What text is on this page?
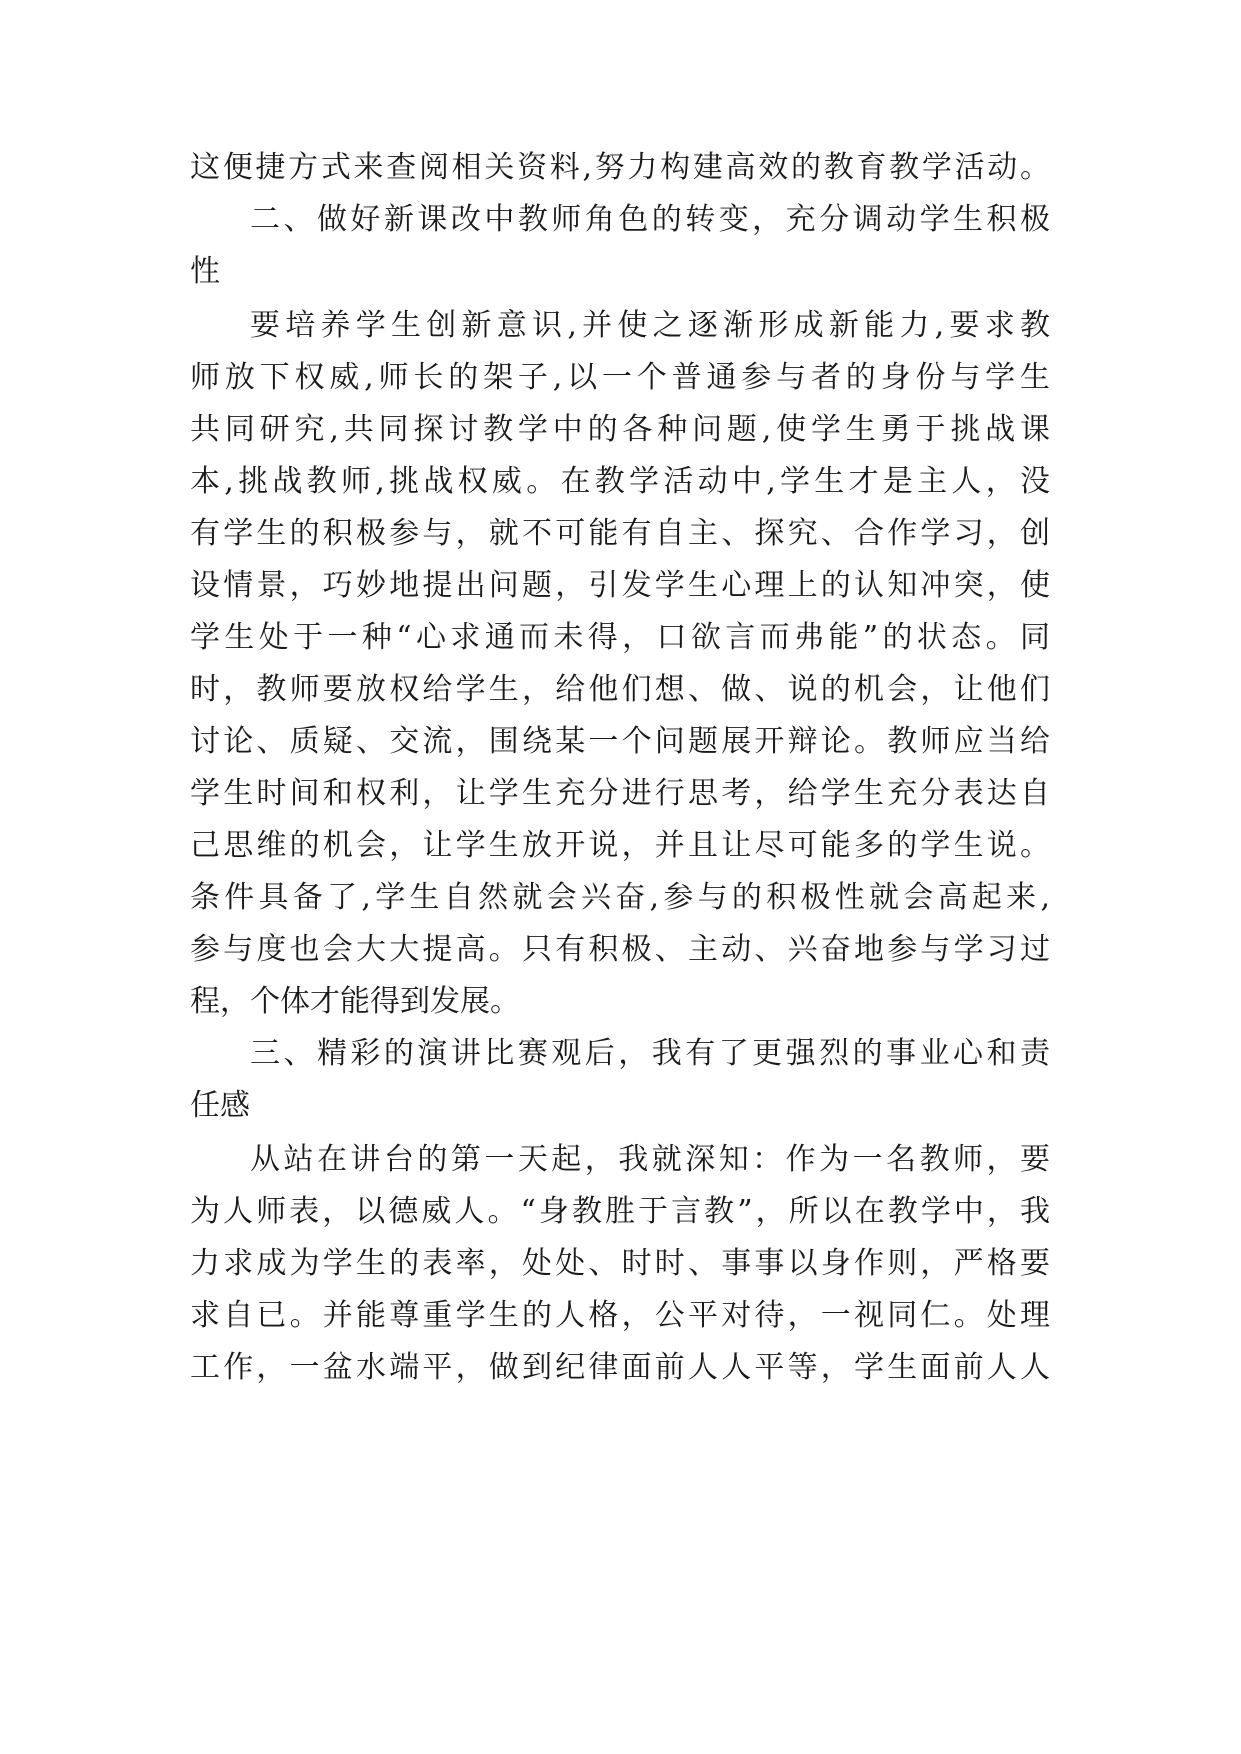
这便捷方式来查阅相关资料,努力构建高效的教育教学活动。
二、做好新课改中教师角色的转变，充分调动学生积极
性
要培养学生创新意识,并使之逐渐形成新能力,要求教
师放下权威,师长的架子,以一个普通参与者的身份与学生
共同研究,共同探讨教学中的各种问题,使学生勇于挑战课
本,挑战教师,挑战权威。在教学活动中,学生才是主人，没
有学生的积极参与，就不可能有自主、探究、合作学习，创
设情景，巧妙地提出问题，引发学生心理上的认知冲突，使
学生处于一种“心求通而未得，口欲言而弗能”的状态。同
时，教师要放权给学生，给他们想、做、说的机会，让他们
讨论、质疑、交流，围绕某一个问题展开辩论。教师应当给
学生时间和权利，让学生充分进行思考，给学生充分表达自
己思维的机会，让学生放开说，并且让尽可能多的学生说。
条件具备了,学生自然就会兴奋,参与的积极性就会高起来,
参与度也会大大提高。只有积极、主动、兴奋地参与学习过
程，个体才能得到发展。
三、精彩的演讲比赛观后，我有了更强烈的事业心和责
任感
从站在讲台的第一天起，我就深知：作为一名教师，要
为人师表，以德威人。“身教胜于言教”，所以在教学中，我
力求成为学生的表率，处处、时时、事事以身作则，严格要
求自已。并能尊重学生的人格，公平对待，一视同仁。处理
工作，一盆水端平，做到纪律面前人人平等，学生面前人人
